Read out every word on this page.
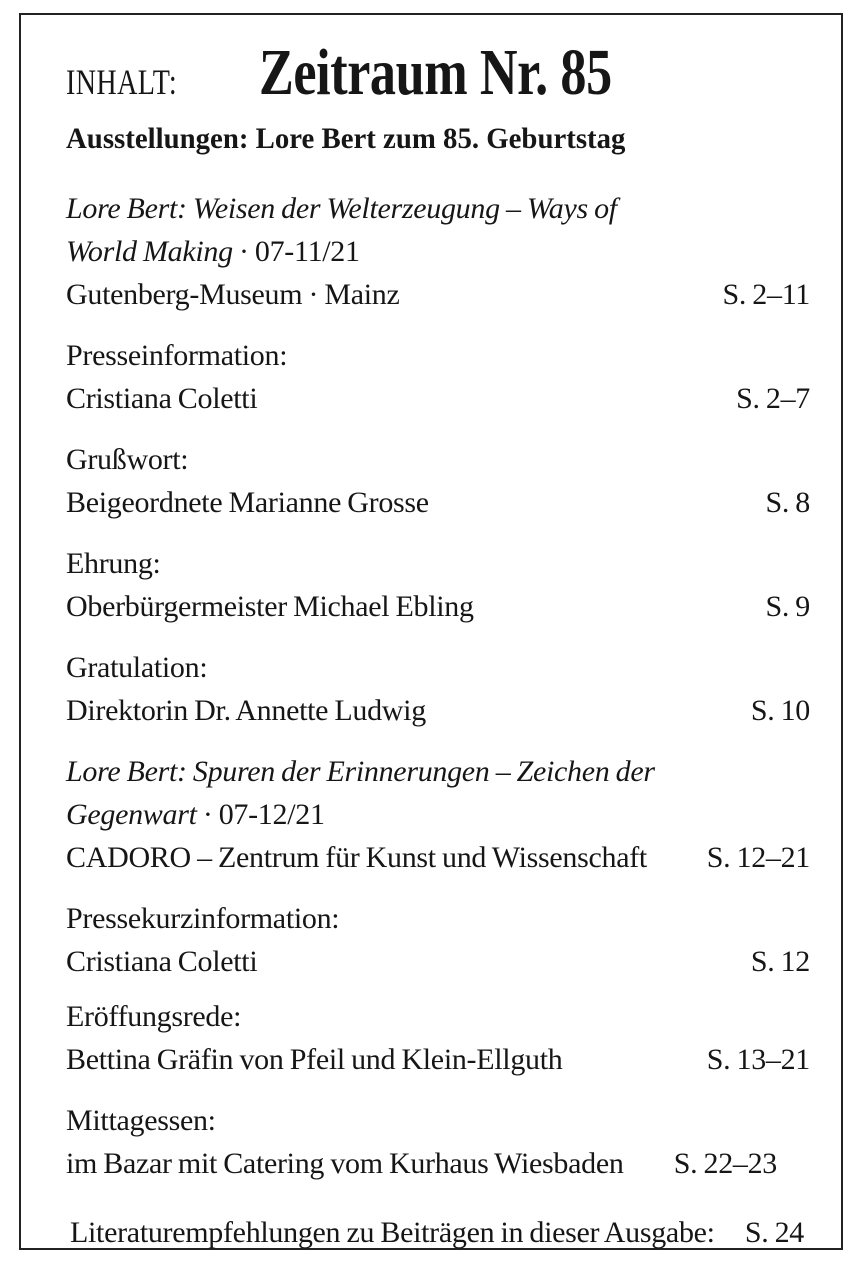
INHALT: Zeitraum Nr. 85
Ausstellungen: Lore Bert zum 85. Geburtstag
Lore Bert: Weisen der Welterzeugung – Ways of
World Making · 07-11/21
Gutenberg-Museum · Mainz	S. 2–11
Presseinformation:
Cristiana Coletti	S. 2–7
Grußwort:
Beigeordnete Marianne Grosse	S. 8
Ehrung:
Oberbürgermeister Michael Ebling	S. 9
Gratulation:
Direktorin Dr. Annette Ludwig	S. 10
Lore Bert: Spuren der Erinnerungen – Zeichen der
Gegenwart · 07-12/21
CADORO – Zentrum für Kunst und Wissenschaft S. 12–21
Pressekurzinformation:
Cristiana Coletti	S. 12
Eröffungsrede:
Bettina Gräfin von Pfeil und Klein-Ellguth	S. 13–21
Mittagessen:
im Bazar mit Catering vom Kurhaus Wiesbaden S. 22–23
Literaturempfehlungen zu Beiträgen in dieser Ausgabe: S. 24
